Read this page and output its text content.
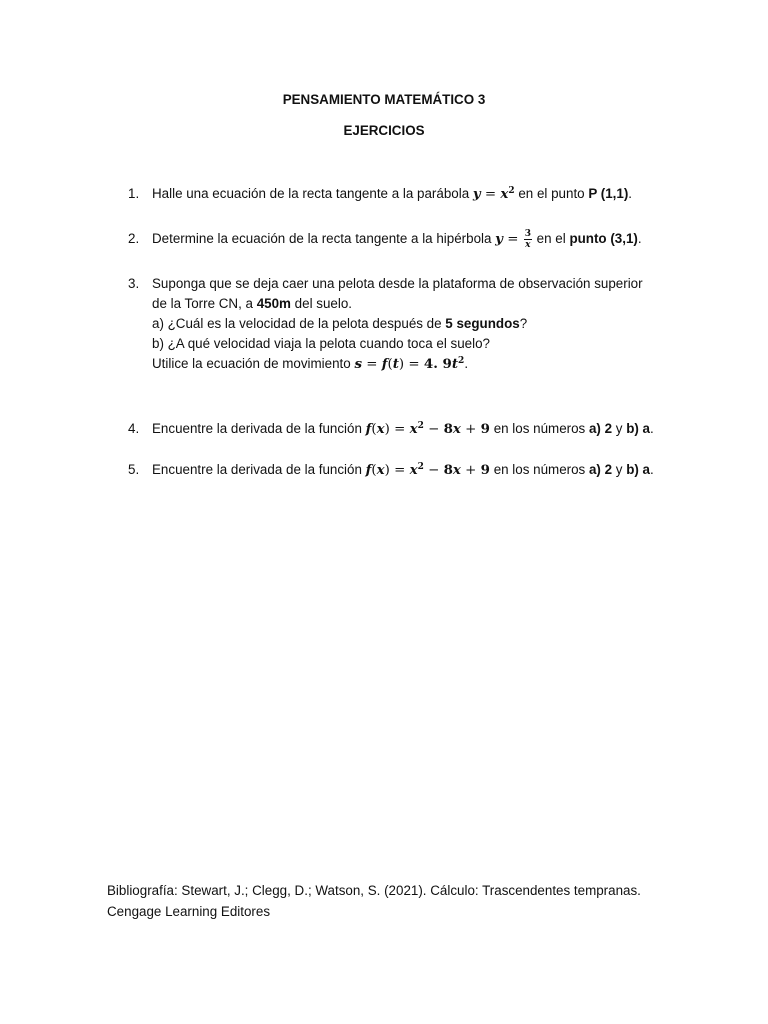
PENSAMIENTO MATEMÁTICO 3
EJERCICIOS
1. Halle una ecuación de la recta tangente a la parábola $y = x^2$ en el punto P (1,1).
2. Determine la ecuación de la recta tangente a la hipérbola $y = \frac{3}{x}$ en el punto (3,1).
3. Suponga que se deja caer una pelota desde la plataforma de observación superior
de la Torre CN, a 450m del suelo.
a) ¿Cuál es la velocidad de la pelota después de 5 segundos?
b) ¿A qué velocidad viaja la pelota cuando toca el suelo?
Utilice la ecuación de movimiento s = f(t) = 4. $9t^2$.
4. Encuentre la derivada de la función $f(x) = x^2 - 8x + 9$ en los números a) 2 y b) a.
5. Encuentre la derivada de la función $f(x) = x^2 - 8x + 9$ en los números a) 2 y b) a.
Bibliografía: Stewart, J.; Clegg, D.; Watson, S. (2021). Cálculo: Trascendentes tempranas.
Cengage Learning Editores
